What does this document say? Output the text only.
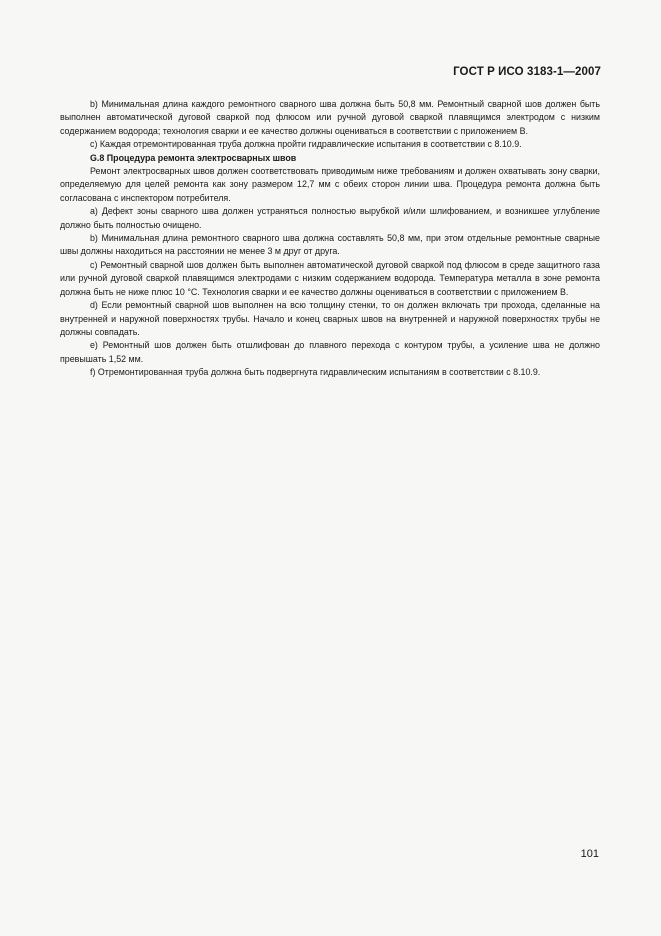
ГОСТ Р ИСО 3183-1—2007

b) Минимальная длина каждого ремонтного сварного шва должна быть 50,8 мм. Ремонтный сварной шов должен быть выполнен автоматической дуговой сваркой под флюсом или ручной дуговой сваркой плавящимся электродом с низким содержанием водорода; технология сварки и ее качество должны оцениваться в соответствии с приложением В.

c) Каждая отремонтированная труба должна пройти гидравлические испытания в соответствии с 8.10.9.

G.8 Процедура ремонта электросварных швов

Ремонт электросварных швов должен соответствовать приводимым ниже требованиям и должен охватывать зону сварки, определяемую для целей ремонта как зону размером 12,7 мм с обеих сторон линии шва. Процедура ремонта должна быть согласована с инспектором потребителя.

a) Дефект зоны сварного шва должен устраняться полностью вырубкой и/или шлифованием, и возникшее углубление должно быть полностью очищено.

b) Минимальная длина ремонтного сварного шва должна составлять 50,8 мм, при этом отдельные ремонтные сварные швы должны находиться на расстоянии не менее 3 м друг от друга.

c) Ремонтный сварной шов должен быть выполнен автоматической дуговой сваркой под флюсом в среде защитного газа или ручной дуговой сваркой плавящимся электродами с низким содержанием водорода. Температура металла в зоне ремонта должна быть не ниже плюс 10 °С. Технология сварки и ее качество должны оцениваться в соответствии с приложением В.

d) Если ремонтный сварной шов выполнен на всю толщину стенки, то он должен включать три прохода, сделанные на внутренней и наружной поверхностях трубы. Начало и конец сварных швов на внутренней и наружной поверхностях трубы не должны совпадать.

e) Ремонтный шов должен быть отшлифован до плавного перехода с контуром трубы, а усиление шва не должно превышать 1,52 мм.

f) Отремонтированная труба должна быть подвергнута гидравлическим испытаниям в соответствии с 8.10.9.

101
